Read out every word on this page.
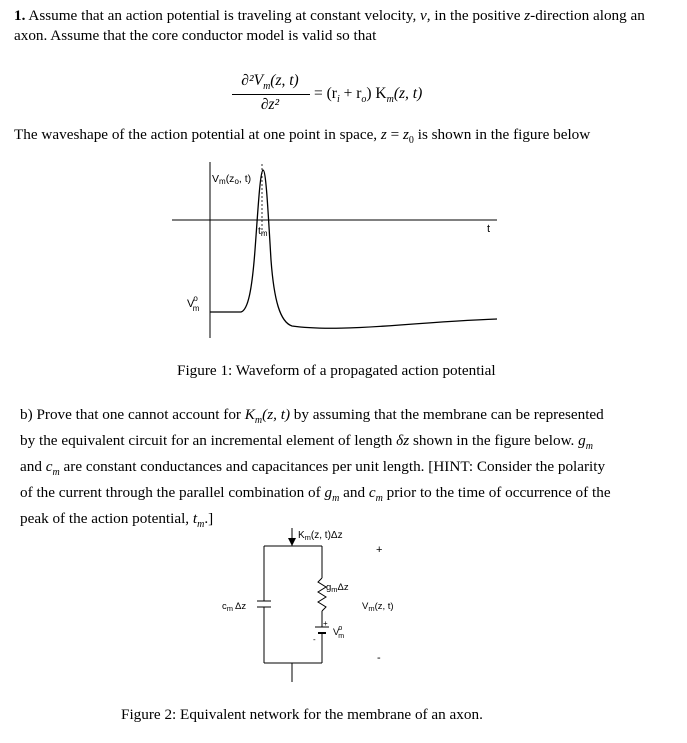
1. Assume that an action potential is traveling at constant velocity, v, in the positive z-direction along an
axon. Assume that the core conductor model is valid so that
$\partial^2V_m(z$, t)
∂z²
= $(r_i + r_o)$ $K_m(z$, t)
The waveshape of the action potential at one point in space, $z = z_0$ is shown in the figure below
Vm(zo, t)
tm	t
Vo m
Figure 1: Waveform of a propagated action potential
b) Prove that one cannot account for $K_m(z$, t) by assuming that the membrane can be represented
by the equivalent circuit for an incremental element of length δz shown in the figure below. $g_m$
and $c_m$ are constant conductances and capacitances per unit length. [HINT: Consider the polarity
of the current through the parallel combination of $g_m$ and $c_m$ prior to the time of occurrence of the
peak of the action potential, $t_m$.]
$K_m(z$, t)Δz
+
-
$g_m\Delta z$
$c_m$ Δz	$V_m(z$, t)
+
-
Vo m
Figure 2: Equivalent network for the membrane of an axon.
